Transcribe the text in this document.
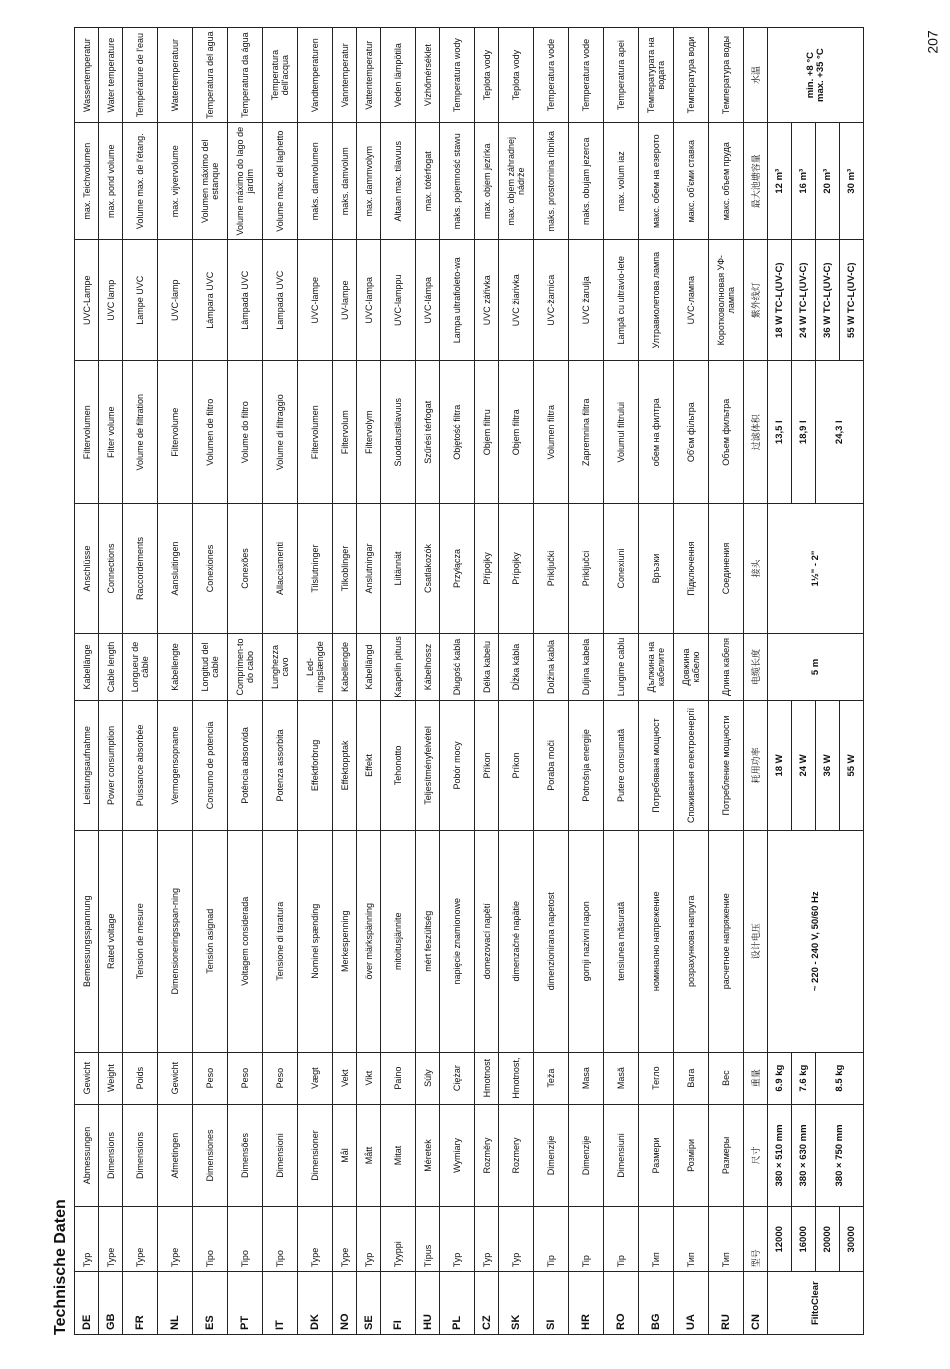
207
Technische Daten	DE	Typ	Abmessungen	Gewicht	Bemessungsspannung	Leistungsaufnahme	Kabellänge	Anschlüsse	Filtervolumen	UVC-Lampe	max. Teichvolumen	Wassertemperatur
GB	Type	Dimensions	Weight	Rated voltage	Power consumption	Cable length	Connections	Filter volume	UVC lamp	max. pond volume	Water temperature
FR	Type	Dimensions	Poids	Tension de mesure	Puissance absorbée	Longueur de câble	Raccordements	Volume de filtration	Lampe UVC	Volume max. de l'étang.	Température de l'eau
NL	Type	Afmetingen	Gewicht	Dimensioneringsspan-ning	Vermogensopname	Kabellengte	Aansluitingen	Filtervolume	UVC-lamp	max. vijvervolume	Watertemperatuur
ES	Tipo	Dimensiones	Peso	Tensión asignad	Consumo de potencia	Longitud del cable	Conexiones	Volumen de filtro	Lámpara UVC	Volumen máximo del estanque	Temperatura del agua
PT	Tipo	Dimensões	Peso	Voltagem considerada	Potência absorvida	Comprimen-to do cabo	Conexões	Volume do filtro	Lâmpada UVC	Volume máximo do lago de jardim	Temperatura da água
IT	Tipo	Dimensioni	Peso	Tensione di taratura	Potenza assorbita	Lunghezza cavo	Allacciamenti	Volume di filtraggio	Lampada UVC	Volume max. del laghetto	Temperatura dell'acqua
DK	Type	Dimensioner	Vægt	Nominel spænding	Effektforbrug	Led-ningslængde	Tilslutninger	Filtervolumen	UVC-lampe	maks. damvolumen	Vandtemperaturen
NO	Type	Mål	Vekt	Merkespenning	Effektopptak	Kabellengde	Tilkoblinger	Filtervolum	UV-lampe	maks. damvolum	Vanntemperatur
SE	Typ	Mått	Vikt	över märkspänning	Effekt	Kabellängd	Anslutningar	Filtervolym	UVC-lampa	max. dammvolym	Vattentemperatur
FI	Tyyppi	Mitat	Paino	mitoitusjännite	Tehonotto	Kaapelin pituus	Liitännät	Suodatustilavuus	UVC-lamppu	Altaan max. tilavuus	Veden lämpötila
HU	Típus	Méretek	Súly	mért feszültség	Teljesítményfelvétel	Kábelhossz	Csatlakozók	Szűrési térfogat	UVC-lámpa	max. tótérfogat	Vízhőmérséklet
PL	Typ	Wymiary	Ciężar	napięcie znamionowe	Pobór mocy	Długość kabla	Przyłącza	Objętość filtra	Lampa ultrafioleto-wa	maks. pojemność stawu	Temperatura wody
CZ	Typ	Rozměry	Hmotnost	domezovací napětí	Příkon	Délka kabelu	Přípojky	Objem filtru	UVC zářivka	max. objem jezírka	Teplota vody
SK	Typ	Rozmery	Hmotnost,	dimenzačné napätie	Príkon	Dĺžka kábla	Prípojky	Objem filtra	UVC žiarivka	max. objem záhradnej nádrže	Teplota vody
SI	Tip	Dimenzije	Teža	dimenzionirana napetost	Poraba moči	Dolžina kabla	Priključki	Volumen filtra	UVC-žarnica	maks. prostornina ribnika	Temperatura vode
HR	Tip	Dimenzije	Masa	gornji nazivni napon	Potrošnja energije	Duljina kabela	Priključci	Zapremnina filtra	UVC žarulja	maks. obujam jezerca	Temperatura vode
RO	Tip	Dimensiuni	Masă	tensiunea măsurată	Putere consumată	Lungime cablu	Conexiuni	Volumul filtrului	Lampă cu ultravio-lete	max. volum iaz	Temperatura apei
BG	Тип	Размери	Тегло	номинално напрежение	Потребявана мощност	Дължина на кабелите	Връзки	обем на филтра	Ултравиолетова лампа	макс. обем на езерото	Температурата на водата
UA	Тип	Розміри	Вага	розрахункова напруга	Споживання електроенергії	Довжина кабелю	Підключення	Об'єм фільтра	UVC-лампа	макс. об'єми ставка	Температура води
RU	Тип	Размеры	Вес	расчетное напряжение	Потребление мощности	Длина кабеля	Соединения	Объем фильтра	Коротковолновая УФ-лампа	макс. объем пруда	Температура воды
CN	型号	尺寸	重量	设计电压	耗用功率	电缆长度	接头	过滤体积	紫外线灯	最大池塘容量	水温
FiltoClear	12000	380 × 510 mm	6.9 kg	~ 220 - 240 V, 50/60 Hz	18 W	5 m	1½" - 2"	13,5 l	18 W TC-L(UV-C)	12 m³	min. +8 °C max. +35 °C

	16000	380 × 630 mm	7.6 kg		24 W			18,9 l	24 W TC-L(UV-C)	16 m³	
	20000	380 × 750 mm	8.5 kg		36 W			24,3 l	36 W TC-L(UV-C)	20 m³	
	30000				55 W				55 W TC-L(UV-C)	30 m³	
